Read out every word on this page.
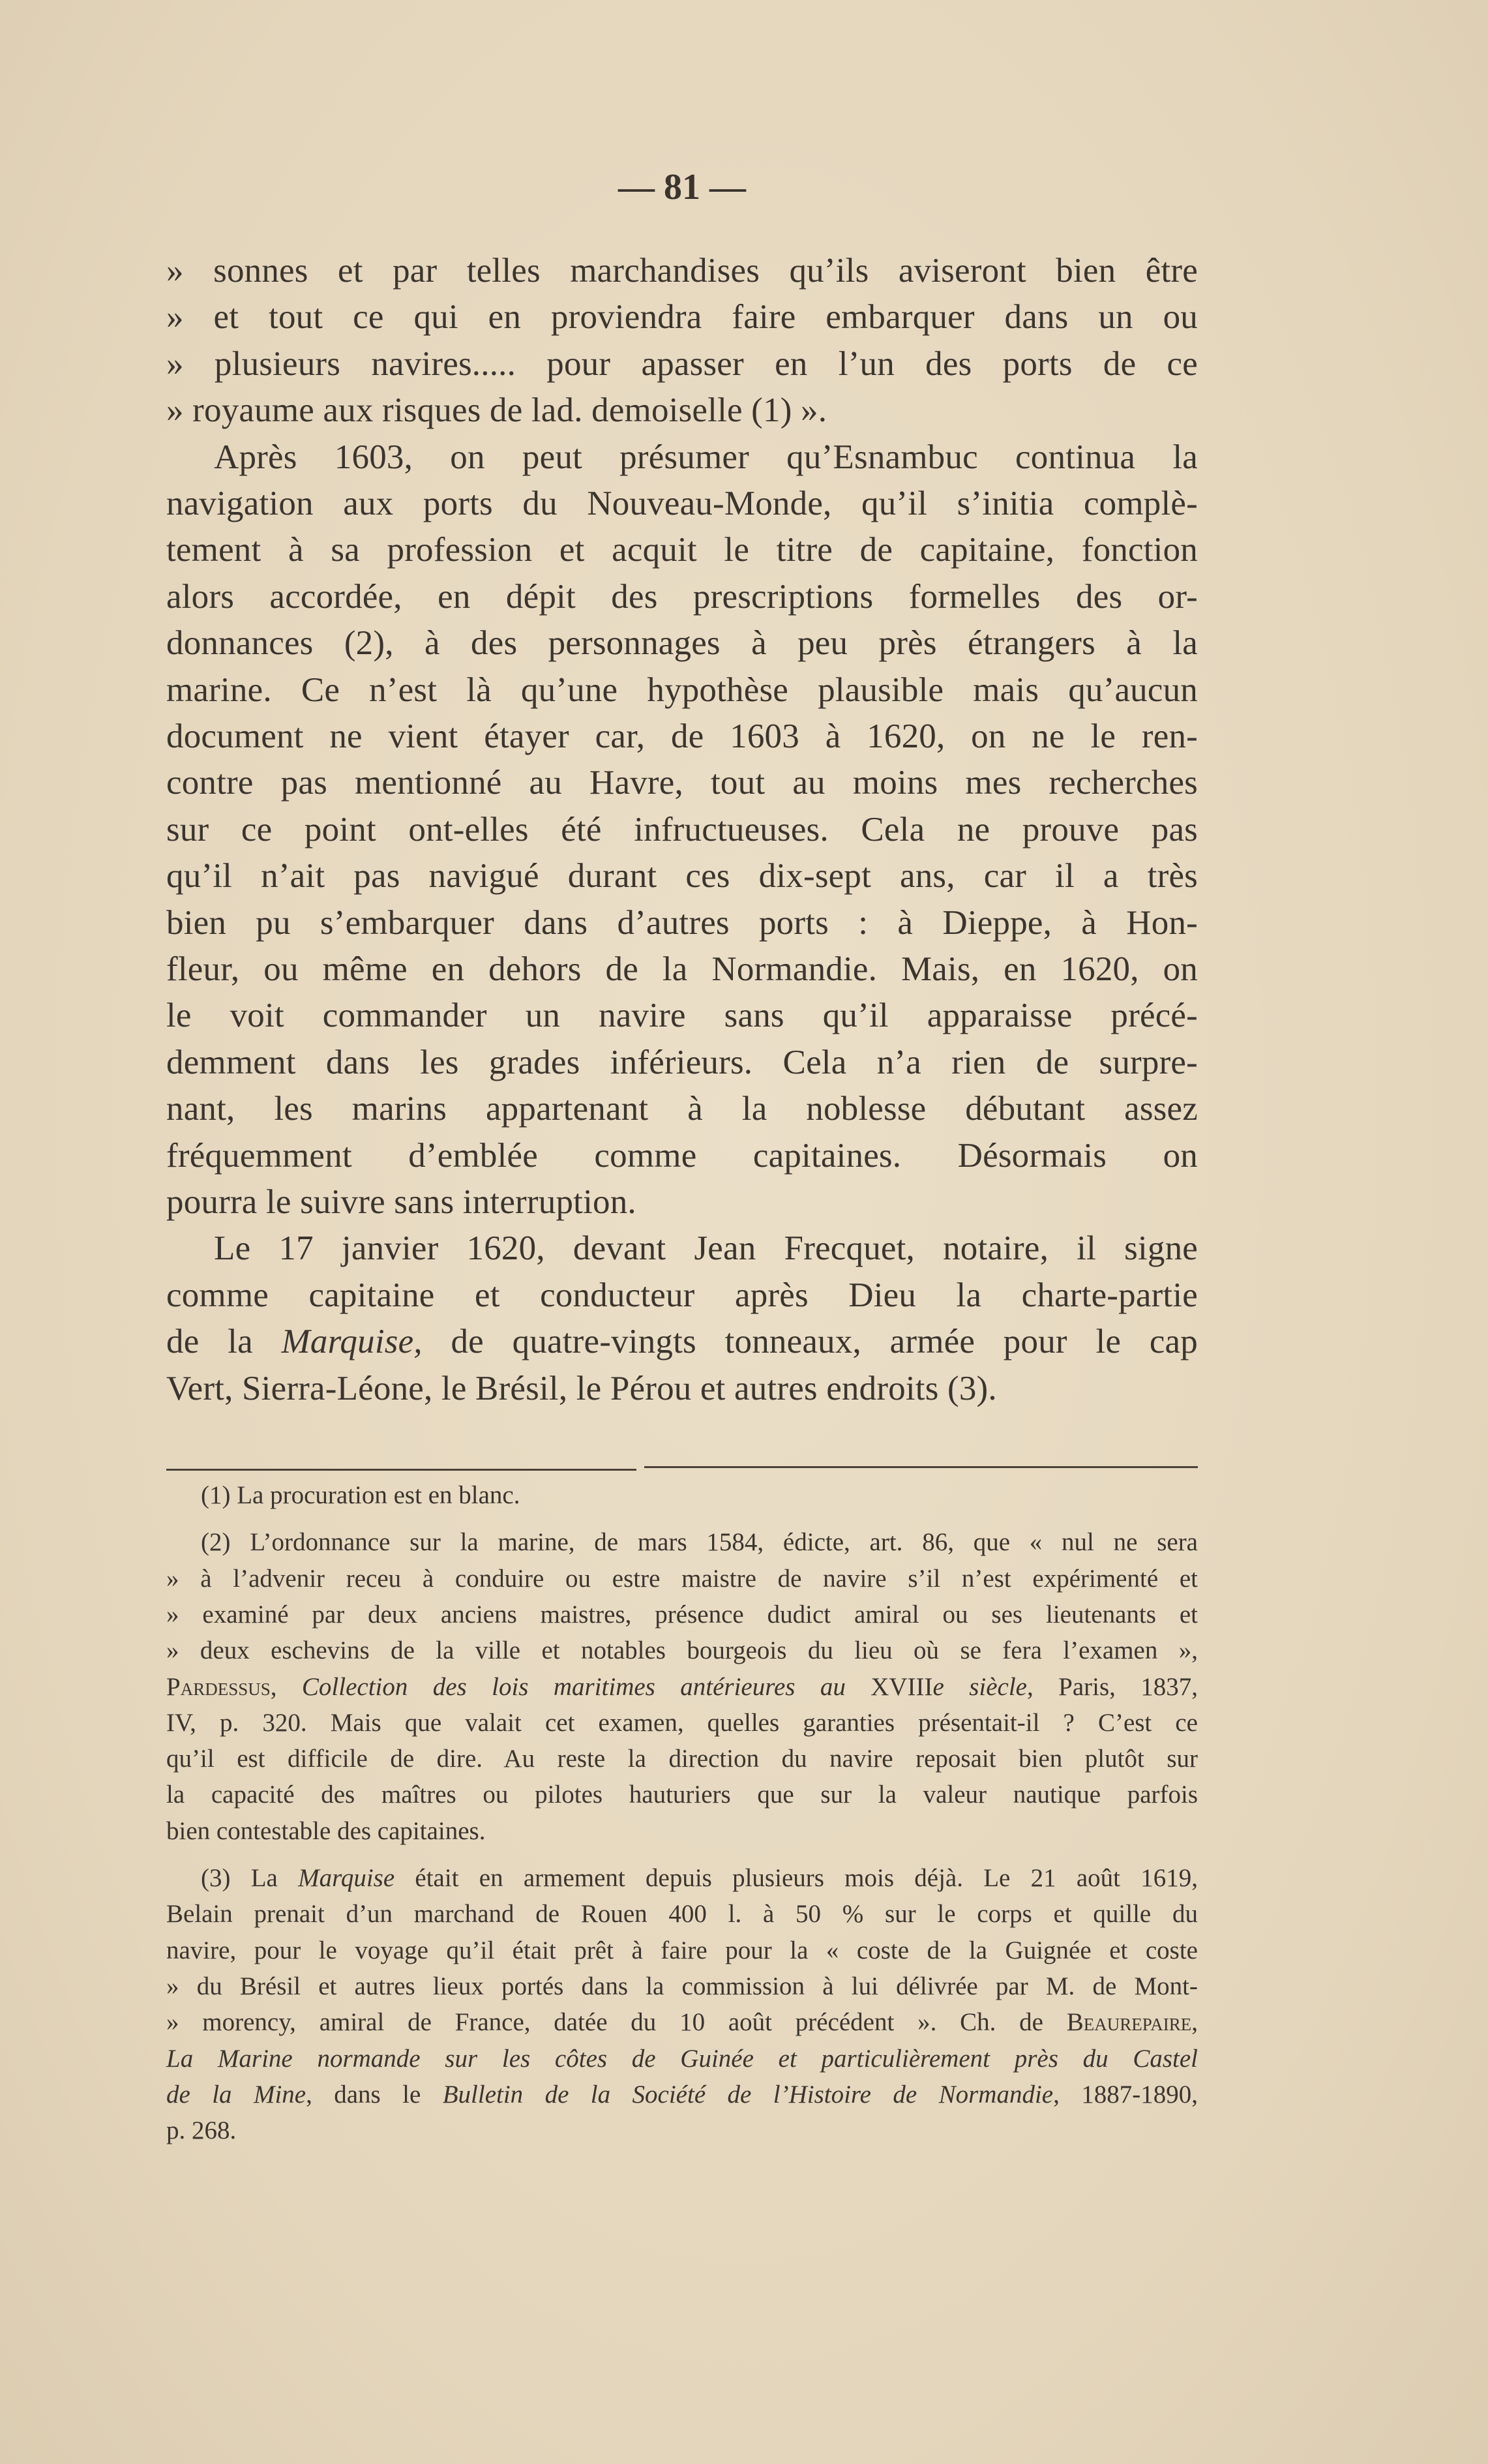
— 81 —
» sonnes et par telles marchandises qu’ils aviseront bien être
» et tout ce qui en proviendra faire embarquer dans un ou
» plusieurs navires..... pour apasser en l’un des ports de ce
» royaume aux risques de lad. demoiselle (1) ».
Après 1603, on peut présumer qu’Esnambuc continua la
navigation aux ports du Nouveau-Monde, qu’il s’initia complè-
tement à sa profession et acquit le titre de capitaine, fonction
alors accordée, en dépit des prescriptions formelles des or-
donnances (2), à des personnages à peu près étrangers à la
marine. Ce n’est là qu’une hypothèse plausible mais qu’aucun
document ne vient étayer car, de 1603 à 1620, on ne le ren-
contre pas mentionné au Havre, tout au moins mes recherches
sur ce point ont-elles été infructueuses. Cela ne prouve pas
qu’il n’ait pas navigué durant ces dix-sept ans, car il a très
bien pu s’embarquer dans d’autres ports : à Dieppe, à Hon-
fleur, ou même en dehors de la Normandie. Mais, en 1620, on
le voit commander un navire sans qu’il apparaisse précé-
demment dans les grades inférieurs. Cela n’a rien de surpre-
nant, les marins appartenant à la noblesse débutant assez
fréquemment d’emblée comme capitaines. Désormais on
pourra le suivre sans interruption.
Le 17 janvier 1620, devant Jean Frecquet, notaire, il signe
comme capitaine et conducteur après Dieu la charte-partie
de la Marquise, de quatre-vingts tonneaux, armée pour le cap
Vert, Sierra-Léone, le Brésil, le Pérou et autres endroits (3).
(1) La procuration est en blanc.
(2) L’ordonnance sur la marine, de mars 1584, édicte, art. 86, que « nul ne sera
» à l’advenir receu à conduire ou estre maistre de navire s’il n’est expérimenté et
» examiné par deux anciens maistres, présence dudict amiral ou ses lieutenants et
» deux eschevins de la ville et notables bourgeois du lieu où se fera l’examen »,
Pardessus, Collection des lois maritimes antérieures au XVIIIe siècle, Paris, 1837,
IV, p. 320. Mais que valait cet examen, quelles garanties présentait-il ? C’est ce
qu’il est difficile de dire. Au reste la direction du navire reposait bien plutôt sur
la capacité des maîtres ou pilotes hauturiers que sur la valeur nautique parfois
bien contestable des capitaines.
(3) La Marquise était en armement depuis plusieurs mois déjà. Le 21 août 1619,
Belain prenait d’un marchand de Rouen 400 l. à 50 % sur le corps et quille du
navire, pour le voyage qu’il était prêt à faire pour la « coste de la Guignée et coste
» du Brésil et autres lieux portés dans la commission à lui délivrée par M. de Mont-
» morency, amiral de France, datée du 10 août précédent ». Ch. de Beaurepaire,
La Marine normande sur les côtes de Guinée et particulièrement près du Castel
de la Mine, dans le Bulletin de la Société de l’Histoire de Normandie, 1887-1890,
p. 268.
